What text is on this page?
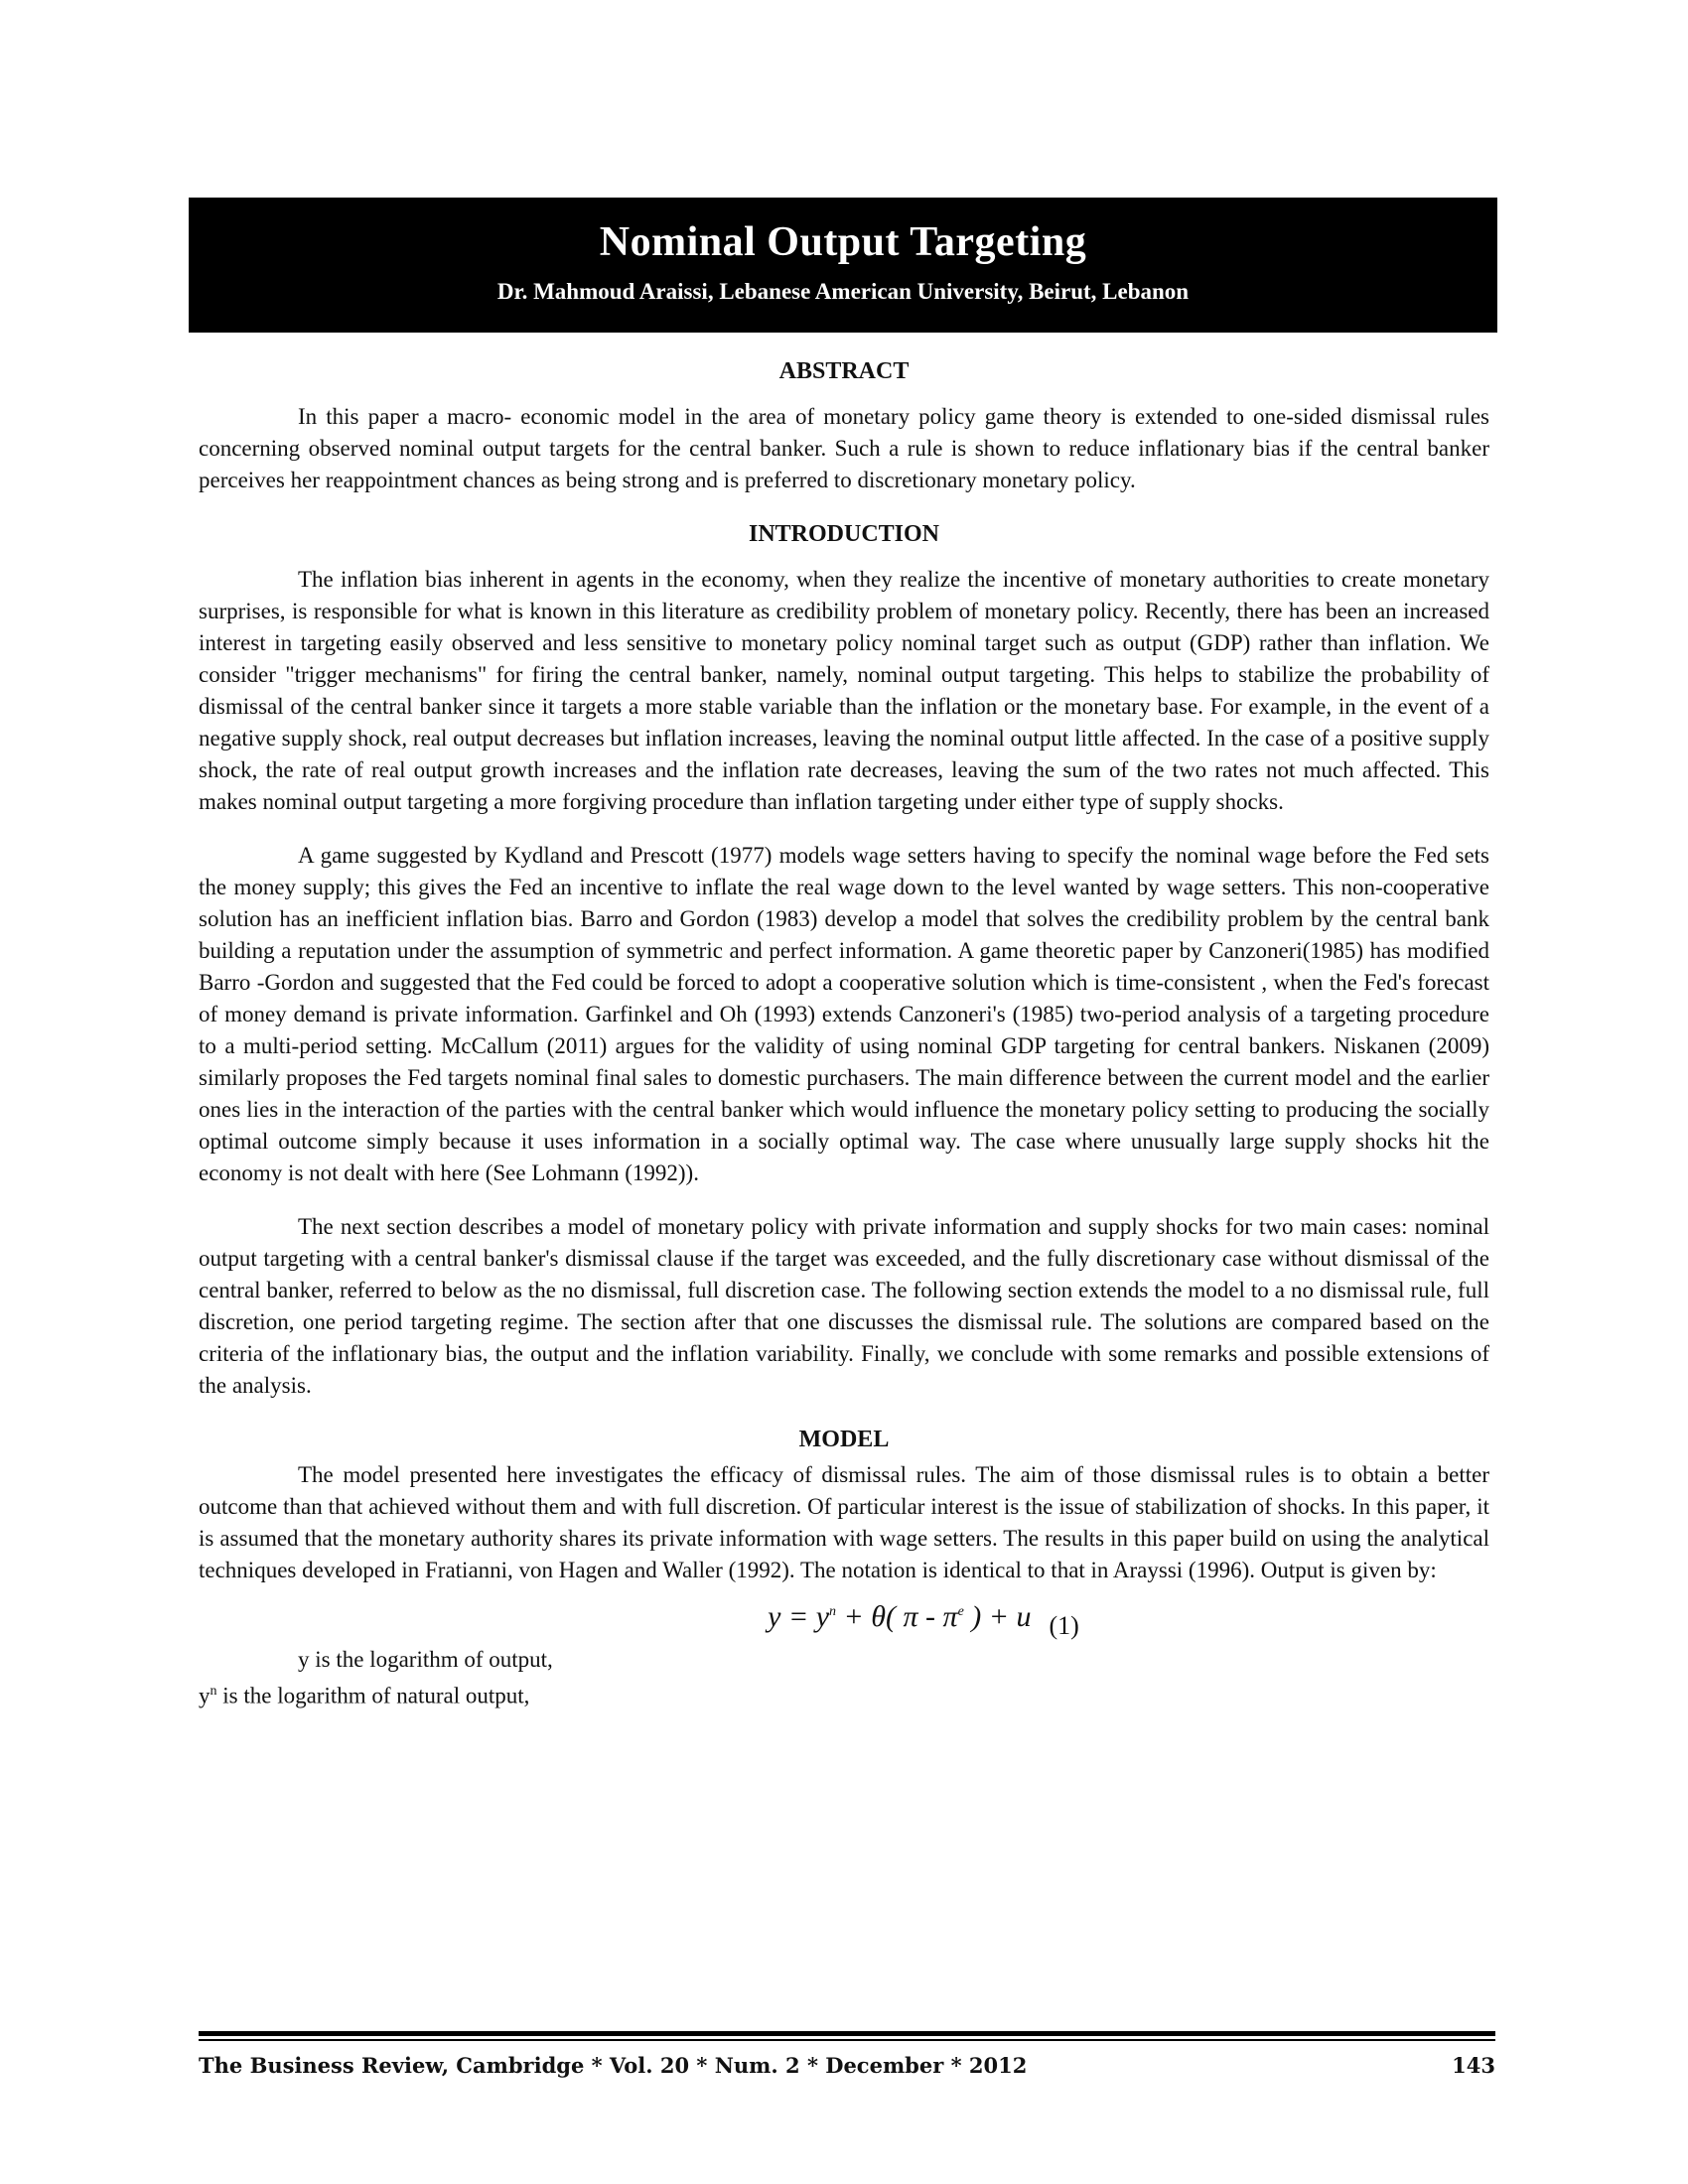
Nominal Output Targeting
Dr. Mahmoud Araissi, Lebanese American University, Beirut, Lebanon
ABSTRACT

In this paper a macro- economic model in the area of monetary policy game theory is extended to one-sided dismissal rules concerning observed nominal output targets for the central banker. Such a rule is shown to reduce inflationary bias if the central banker perceives her reappointment chances as being strong and is preferred to discretionary monetary policy.

INTRODUCTION

The inflation bias inherent in agents in the economy, when they realize the incentive of monetary authorities to create monetary surprises, is responsible for what is known in this literature as credibility problem of monetary policy. Recently, there has been an increased interest in targeting easily observed and less sensitive to monetary policy nominal target such as output (GDP) rather than inflation. We consider "trigger mechanisms" for firing the central banker, namely, nominal output targeting. This helps to stabilize the probability of dismissal of the central banker since it targets a more stable variable than the inflation or the monetary base. For example, in the event of a negative supply shock, real output decreases but inflation increases, leaving the nominal output little affected. In the case of a positive supply shock, the rate of real output growth increases and the inflation rate decreases, leaving the sum of the two rates not much affected. This makes nominal output targeting a more forgiving procedure than inflation targeting under either type of supply shocks.

A game suggested by Kydland and Prescott (1977) models wage setters having to specify the nominal wage before the Fed sets the money supply; this gives the Fed an incentive to inflate the real wage down to the level wanted by wage setters. This non-cooperative solution has an inefficient inflation bias. Barro and Gordon (1983) develop a model that solves the credibility problem by the central bank building a reputation under the assumption of symmetric and perfect information. A game theoretic paper by Canzoneri(1985) has modified Barro -Gordon and suggested that the Fed could be forced to adopt a cooperative solution which is time-consistent , when the Fed's forecast of money demand is private information. Garfinkel and Oh (1993) extends Canzoneri's (1985) two-period analysis of a targeting procedure to a multi-period setting. McCallum (2011) argues for the validity of using nominal GDP targeting for central bankers. Niskanen (2009) similarly proposes the Fed targets nominal final sales to domestic purchasers. The main difference between the current model and the earlier ones lies in the interaction of the parties with the central banker which would influence the monetary policy setting to producing the socially optimal outcome simply because it uses information in a socially optimal way. The case where unusually large supply shocks hit the economy is not dealt with here (See Lohmann (1992)).

The next section describes a model of monetary policy with private information and supply shocks for two main cases: nominal output targeting with a central banker's dismissal clause if the target was exceeded, and the fully discretionary case without dismissal of the central banker, referred to below as the no dismissal, full discretion case. The following section extends the model to a no dismissal rule, full discretion, one period targeting regime. The section after that one discusses the dismissal rule. The solutions are compared based on the criteria of the inflationary bias, the output and the inflation variability. Finally, we conclude with some remarks and possible extensions of the analysis.

MODEL

The model presented here investigates the efficacy of dismissal rules. The aim of those dismissal rules is to obtain a better outcome than that achieved without them and with full discretion. Of particular interest is the issue of stabilization of shocks. In this paper, it is assumed that the monetary authority shares its private information with wage setters. The results in this paper build on using the analytical techniques developed in Fratianni, von Hagen and Waller (1992). The notation is identical to that in Arayssi (1996). Output is given by:

$y = y^n + \theta$( π - $\pi^e$ ) + u (1)
y is the logarithm of output,
$y^n$ is the logarithm of natural output,
The Business Review, Cambridge * Vol. 20 * Num. 2 * December * 2012	143
